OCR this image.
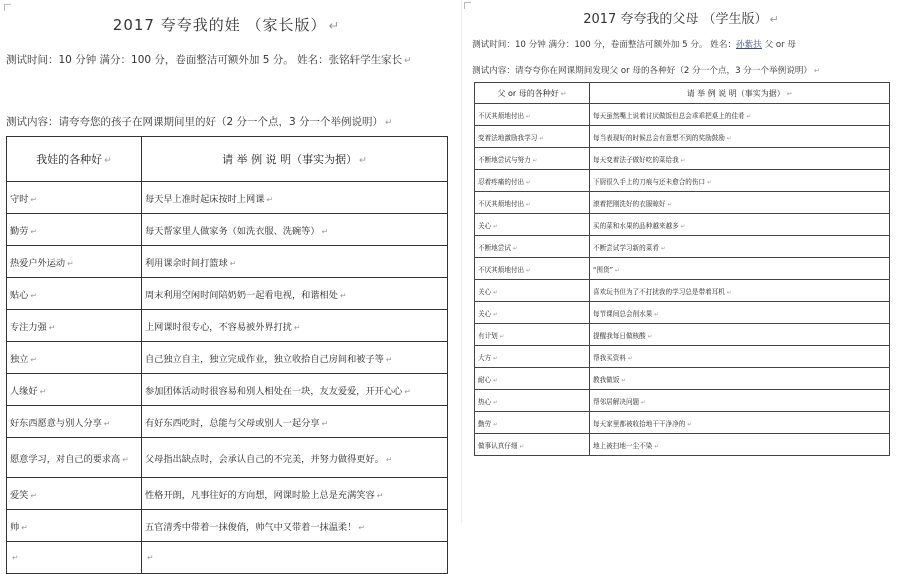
2017 夸夸我的娃 （家长版） ↵
测试时间：10 分钟 满分：100 分，卷面整洁可额外加 5 分。 姓名：张铭轩学生家长 ↵
测试内容：请夸夸您的孩子在网课期间里的好（2 分一个点，3 分一个举例说明） ↵
我娃的各种好 ↵	请 举 例 说 明（事实为据） ↵
守时 ↵	每天早上准时起床按时上网课 ↵
勤劳 ↵	每天帮家里人做家务（如洗衣服、洗碗等） ↵
热爱户外运动 ↵	利用课余时间打篮球 ↵
贴心 ↵	周末利用空闲时间陪奶奶一起看电视，和谐相处 ↵
专注力强 ↵	上网课时很专心，不容易被外界打扰 ↵
独立 ↵	自己独立自主，独立完成作业，独立收拾自己房间和被子等 ↵
人缘好 ↵	参加团体活动时很容易和别人相处在一块，友友爱爱，开开心心 ↵
好东西愿意与别人分享 ↵	有好东西吃时，总能与父母或别人一起分享 ↵
愿意学习，对自己的要求高 ↵	父母指出缺点时，会承认自己的不完美，并努力做得更好。 ↵
爱笑 ↵	性格开朗，凡事往好的方向想，网课时脸上总是充满笑容 ↵
帅 ↵	五官清秀中带着一抹俊俏，帅气中又带着一抹温柔！ ↵
↵	↵
2017 夸夸我的父母 （学生版） ↵
测试时间：10 分钟 满分：100 分，卷面整洁可额外加 5 分。 姓名：孙紫扶 父 or 母
测试内容：请夸夸你在网课期间发现父 or 母的各种好（2 分一个点，3 分一个举例说明） ↵
父 or 母的各种好 ↵	请 举 例 说 明（事实为据） ↵
不厌其烦地付出 ↵	每天虽然嘴上说着讨厌做饭但总会乖乖把桌上的佳肴 ↵
变着法地激励我学习 ↵	每当表现好的时候总会有意想不到的奖励鼓励 ↵
不断地尝试与努力 ↵	每天变着法子做好吃的菜给我 ↵
忍着疼痛的付出 ↵	下厨很久手上的刀痕与还未愈合的伤口 ↵
不厌其烦地付出 ↵	滚着把刚洗好的衣服晾好 ↵
关心 ↵	买的菜和水果的品种越来越多 ↵
不断地尝试 ↵	不断尝试学习新的菜肴 ↵
不厌其烦地付出 ↵	“围货” ↵
关心 ↵	喜欢玩书但为了不打扰我的学习总是带着耳机 ↵
关心 ↵	每节课间总会削水果 ↵
有计划 ↵	提醒我每日做核酸 ↵
大方 ↵	帮我买资料 ↵
耐心 ↵	教我做饭 ↵
热心 ↵	帮邻居解决问题 ↵
勤劳 ↵	每天家里都被收拾地干干净净的 ↵
做事认真仔细 ↵	地上被扫地一尘不染 ↵
